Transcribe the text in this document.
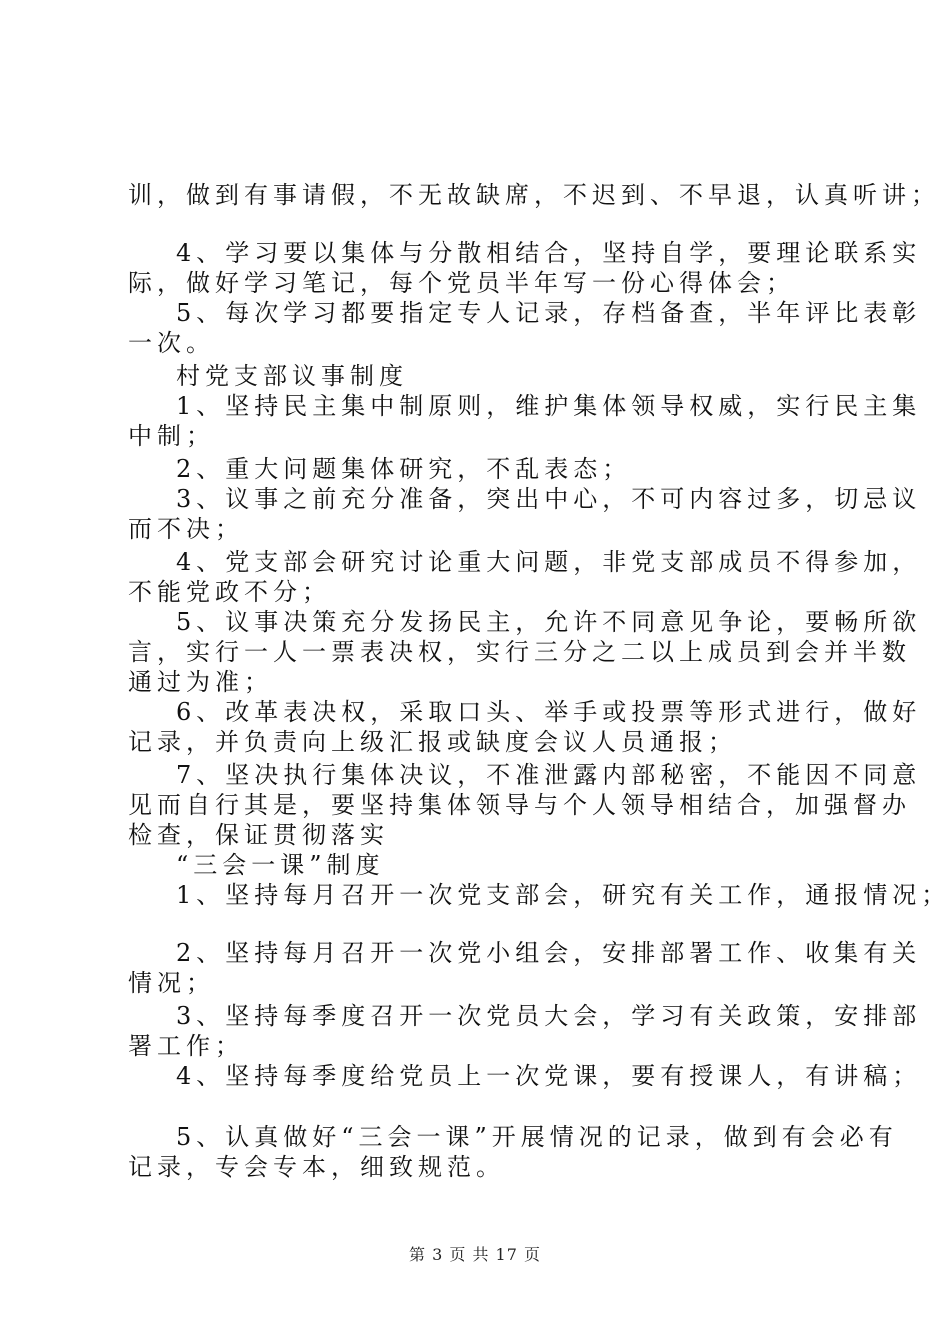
训，做到有事请假，不无故缺席，不迟到、不早退，认真听讲；
4、学习要以集体与分散相结合，坚持自学，要理论联系实
际，做好学习笔记，每个党员半年写一份心得体会；
5、每次学习都要指定专人记录，存档备查，半年评比表彰
一次。
村党支部议事制度
1、坚持民主集中制原则，维护集体领导权威，实行民主集
中制；
2、重大问题集体研究，不乱表态；
3、议事之前充分准备，突出中心，不可内容过多，切忌议
而不决；
4、党支部会研究讨论重大问题，非党支部成员不得参加，
不能党政不分；
5、议事决策充分发扬民主，允许不同意见争论，要畅所欲
言，实行一人一票表决权，实行三分之二以上成员到会并半数
通过为准；
6、改革表决权，采取口头、举手或投票等形式进行，做好
记录，并负责向上级汇报或缺度会议人员通报；
7、坚决执行集体决议，不准泄露内部秘密，不能因不同意
见而自行其是，要坚持集体领导与个人领导相结合，加强督办
检查，保证贯彻落实
“三会一课”制度
1、坚持每月召开一次党支部会，研究有关工作，通报情况；
2、坚持每月召开一次党小组会，安排部署工作、收集有关
情况；
3、坚持每季度召开一次党员大会，学习有关政策，安排部
署工作；
4、坚持每季度给党员上一次党课，要有授课人，有讲稿；
5、认真做好“三会一课”开展情况的记录，做到有会必有
记录，专会专本，细致规范。
第 3 页 共 17 页
